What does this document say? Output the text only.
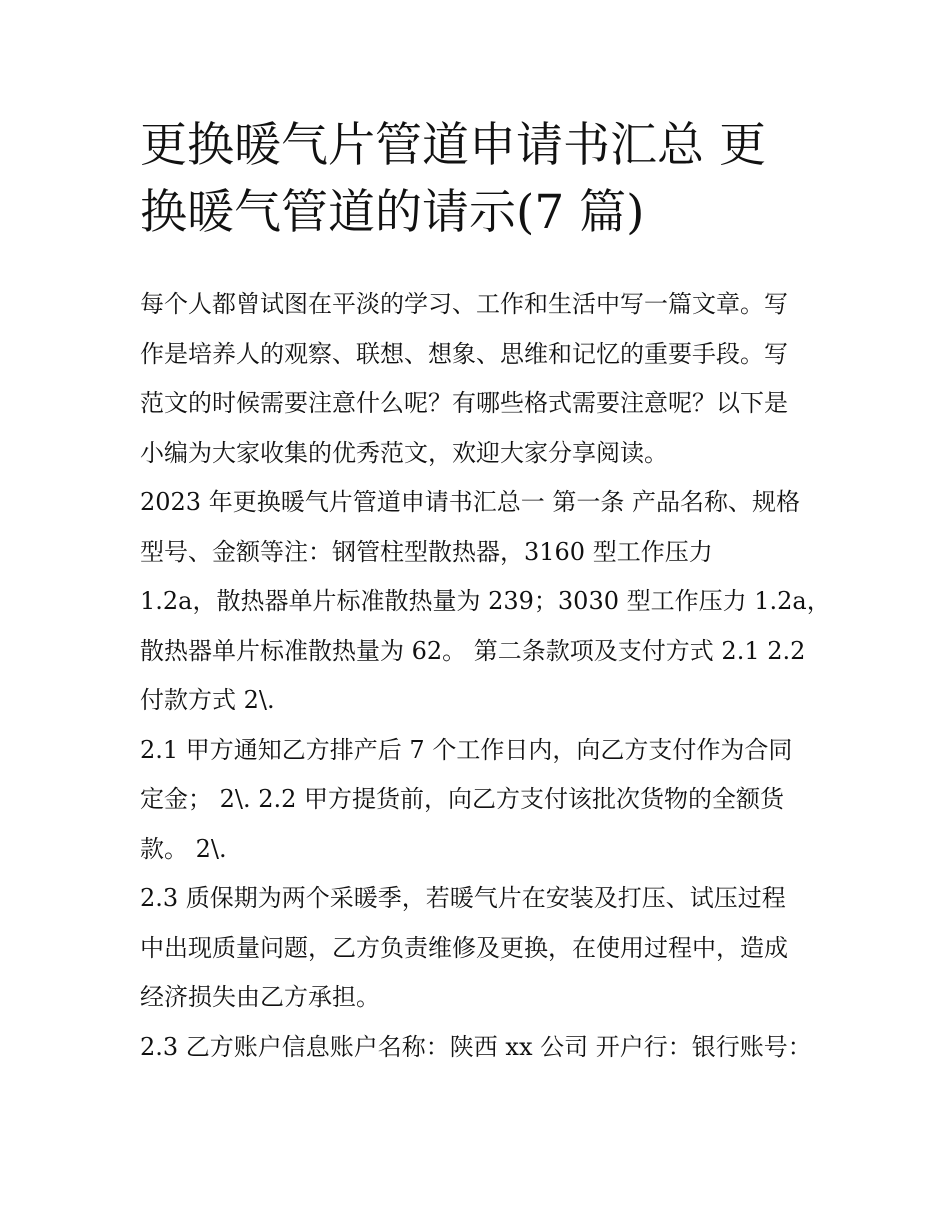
更换暖气片管道申请书汇总 更
换暖气管道的请示(7 篇)
每个人都曾试图在平淡的学习、工作和生活中写一篇文章。写
作是培养人的观察、联想、想象、思维和记忆的重要手段。写
范文的时候需要注意什么呢？有哪些格式需要注意呢？以下是
小编为大家收集的优秀范文，欢迎大家分享阅读。
2023 年更换暖气片管道申请书汇总一 第一条 产品名称、规格
型号、金额等注：钢管柱型散热器，3160 型工作压力
1.2a，散热器单片标准散热量为 239；3030 型工作压力 1.2a，
散热器单片标准散热量为 62。 第二条款项及支付方式 2.1 2.2
付款方式 2\.
2.1 甲方通知乙方排产后 7 个工作日内，向乙方支付作为合同
定金； 2\. 2.2 甲方提货前，向乙方支付该批次货物的全额货
款。 2\.
2.3 质保期为两个采暖季，若暖气片在安装及打压、试压过程
中出现质量问题，乙方负责维修及更换，在使用过程中，造成
经济损失由乙方承担。
2.3 乙方账户信息账户名称：陕西 xx 公司 开户行：银行账号：
